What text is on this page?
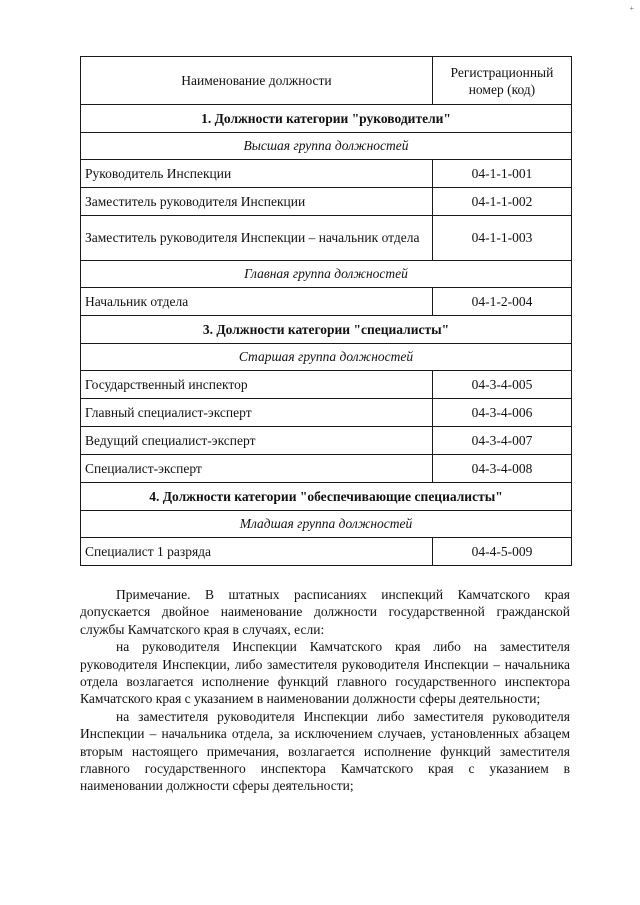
+
Наименование должности	Регистрационный номер (код)
1. Должности категории "руководители"	
Высшая группа должностей	
Руководитель Инспекции	04-1-1-001
Заместитель руководителя Инспекции	04-1-1-002
Заместитель руководителя Инспекции – начальник отдела	04-1-1-003
Главная группа должностей	
Начальник отдела	04-1-2-004
3. Должности категории "специалисты"	
Старшая группа должностей	
Государственный инспектор	04-3-4-005
Главный специалист-эксперт	04-3-4-006
Ведущий специалист-эксперт	04-3-4-007
Специалист-эксперт	04-3-4-008
4. Должности категории "обеспечивающие специалисты"	
Младшая группа должностей	
Специалист 1 разряда	04-4-5-009

Примечание. В штатных расписаниях инспекций Камчатского края допускается двойное наименование должности государственной гражданской службы Камчатского края в случаях, если:

на руководителя Инспекции Камчатского края либо на заместителя руководителя Инспекции, либо заместителя руководителя Инспекции – начальника отдела возлагается исполнение функций главного государственного инспектора Камчатского края с указанием в наименовании должности сферы деятельности;

на заместителя руководителя Инспекции либо заместителя руководителя Инспекции – начальника отдела, за исключением случаев, установленных абзацем вторым настоящего примечания, возлагается исполнение функций заместителя главного государственного инспектора Камчатского края с указанием в наименовании должности сферы деятельности;
